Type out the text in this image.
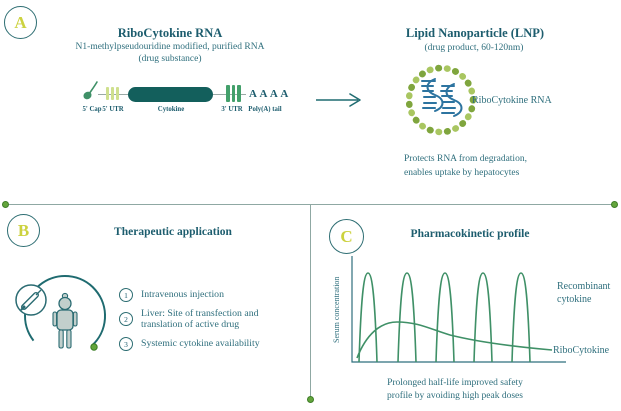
A
RiboCytokine RNA
N1-methylpseudouridine modified, purified RNA
(drug substance)
AAAA
5' Cap 5' UTR	Cytokine	3' UTR Poly(A) tail
Lipid Nanoparticle (LNP)
(drug product, 60-120nm)
RiboCytokine RNA
Protects RNA from degradation,
enables uptake by hepatocytes
B	Therapeutic application
1	Intravenous injection
2
Liver: Site of transfection and translation of active drug
3	Systemic cytokine availability
C	Pharmacokinetic profile
Serum concentration	Recombinant cytokine
RiboCytokine
Prolonged half-life improved safety
profile by avoiding high peak doses
